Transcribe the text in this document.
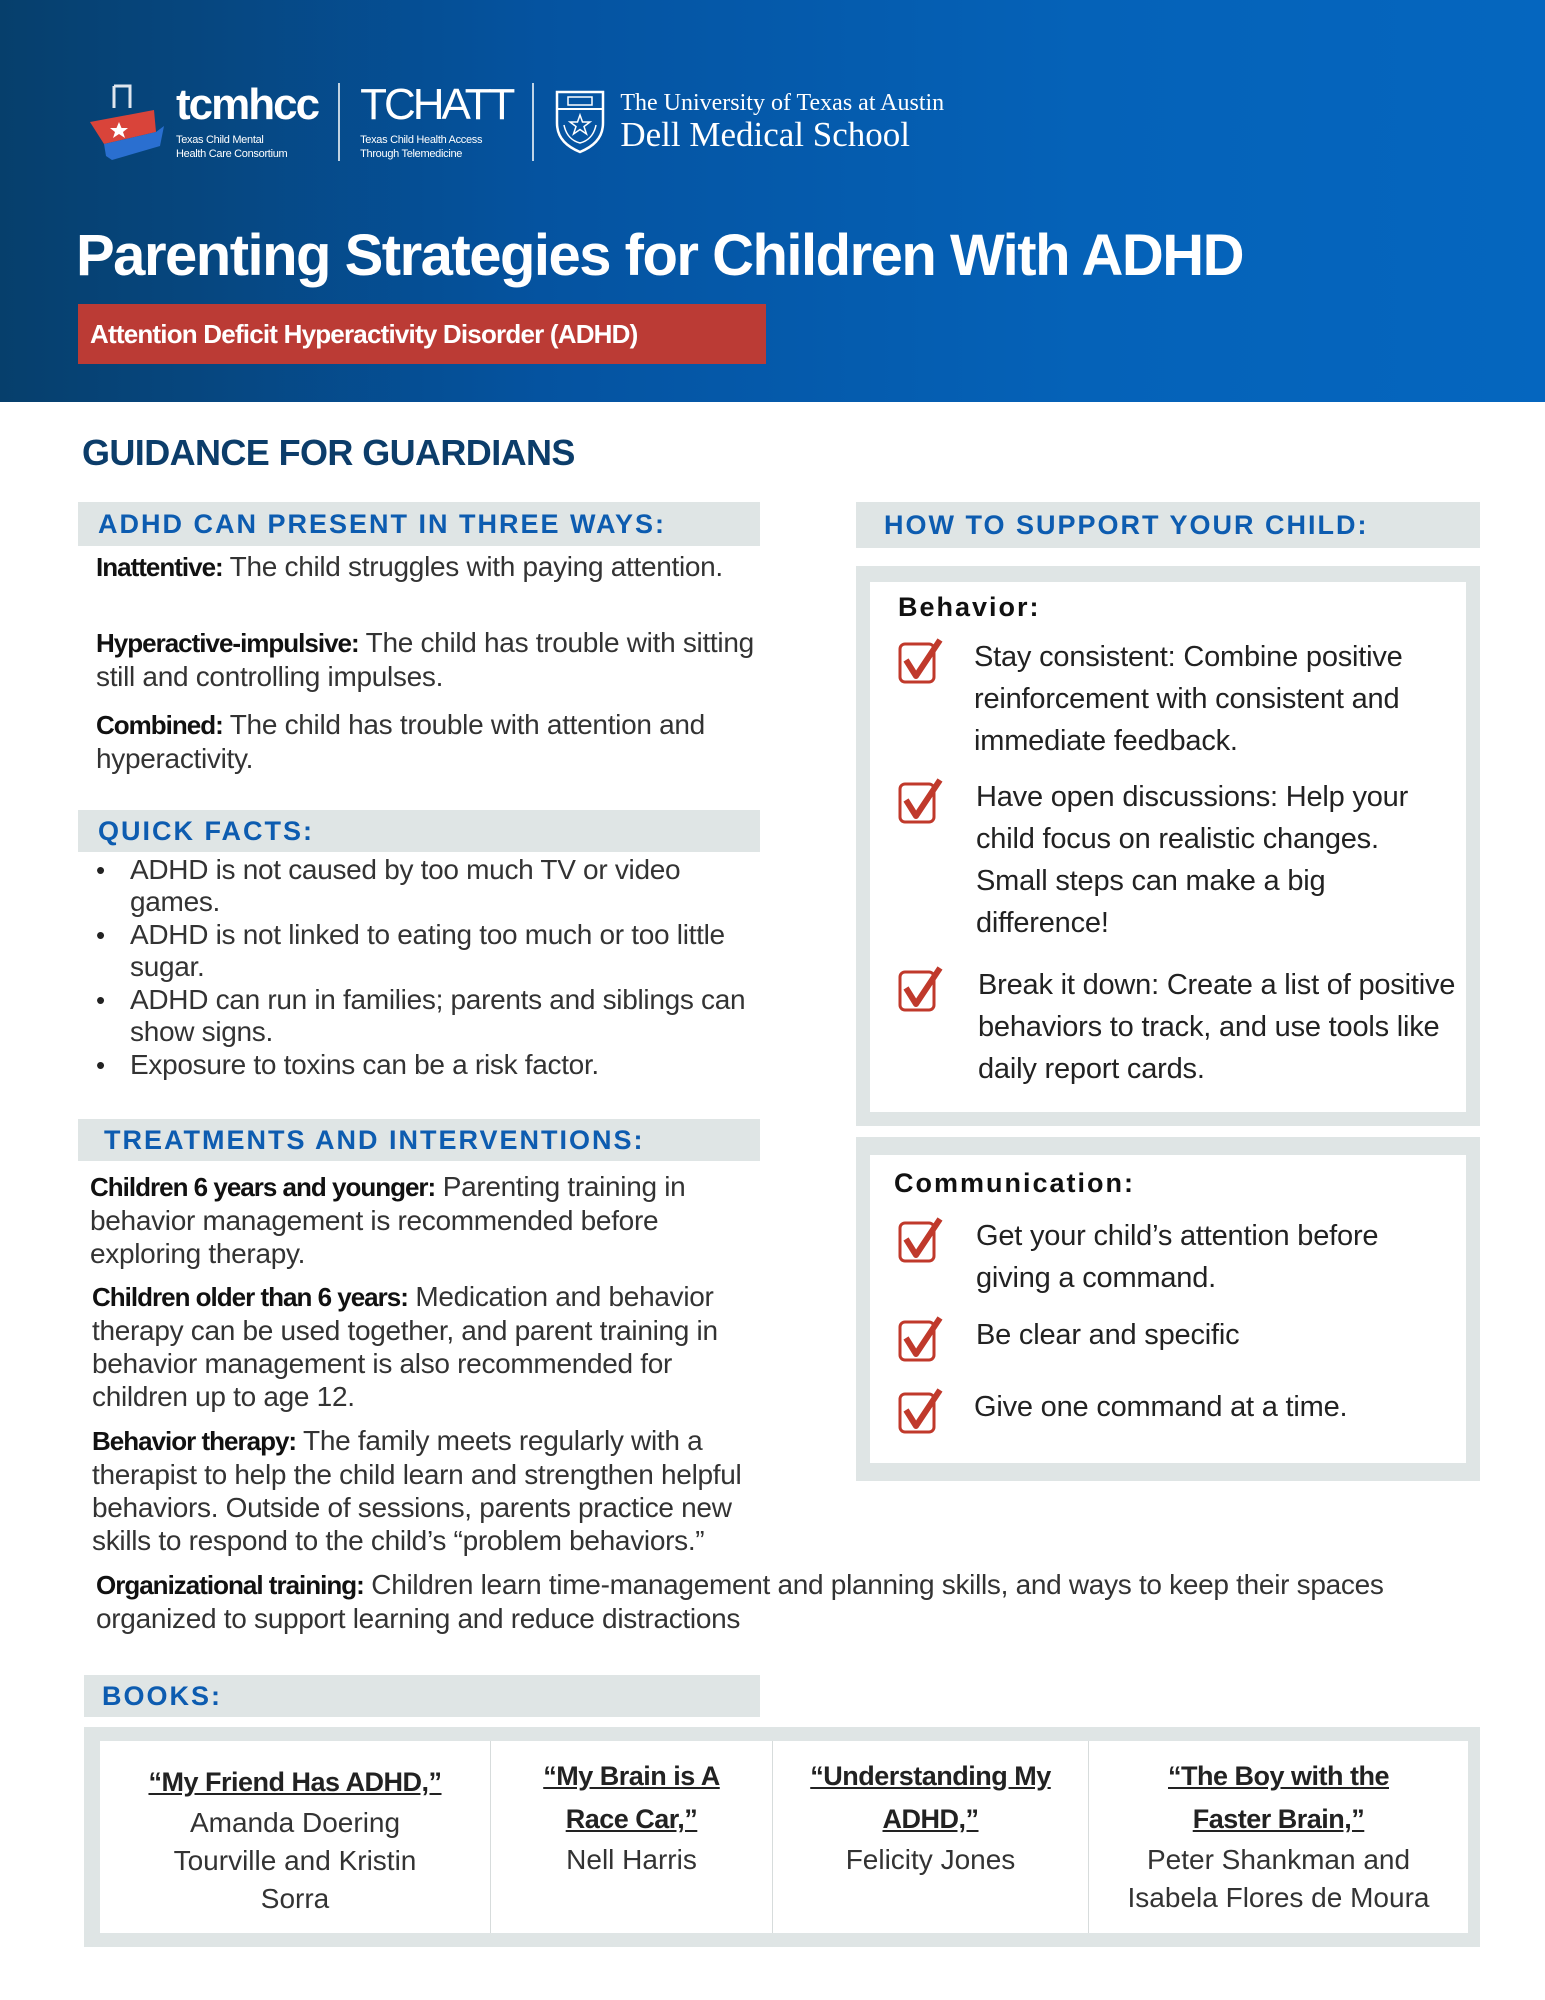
tcmhcc
Texas Child Mental
Health Care Consortium
TCHATT
Texas Child Health Access
Through Telemedicine
The University of Texas at Austin
Dell Medical School
Parenting Strategies for Children With ADHD
Attention Deficit Hyperactivity Disorder (ADHD)
GUIDANCE FOR GUARDIANS
ADHD CAN PRESENT IN THREE WAYS:
Inattentive: The child struggles with paying attention.
Hyperactive-impulsive: The child has trouble with sitting still and controlling impulses.
Combined: The child has trouble with attention and hyperactivity.
QUICK FACTS:
• ADHD is not caused by too much TV or video games.
• ADHD is not linked to eating too much or too little sugar.
• ADHD can run in families; parents and siblings can show signs.
• Exposure to toxins can be a risk factor.
TREATMENTS AND INTERVENTIONS:
Children 6 years and younger: Parenting training in behavior management is recommended before exploring therapy.
Children older than 6 years: Medication and behavior therapy can be used together, and parent training in behavior management is also recommended for children up to age 12.
Behavior therapy: The family meets regularly with a therapist to help the child learn and strengthen helpful behaviors. Outside of sessions, parents practice new skills to respond to the child’s “problem behaviors.”
Organizational training: Children learn time-management and planning skills, and ways to keep their spaces organized to support learning and reduce distractions
HOW TO SUPPORT YOUR CHILD:
Behavior:
Stay consistent: Combine positive reinforcement with consistent and immediate feedback.
Have open discussions: Help your child focus on realistic changes. Small steps can make a big difference!
Break it down: Create a list of positive behaviors to track, and use tools like daily report cards.
Communication:
Get your child’s attention before giving a command.
Be clear and specific
Give one command at a time.
BOOKS:
“My Friend Has ADHD,”
Amanda Doering Tourville and Kristin Sorra
“My Brain is A Race Car,”
Nell Harris
“Understanding My ADHD,”
Felicity Jones
“The Boy with the Faster Brain,”
Peter Shankman and Isabela Flores de Moura
